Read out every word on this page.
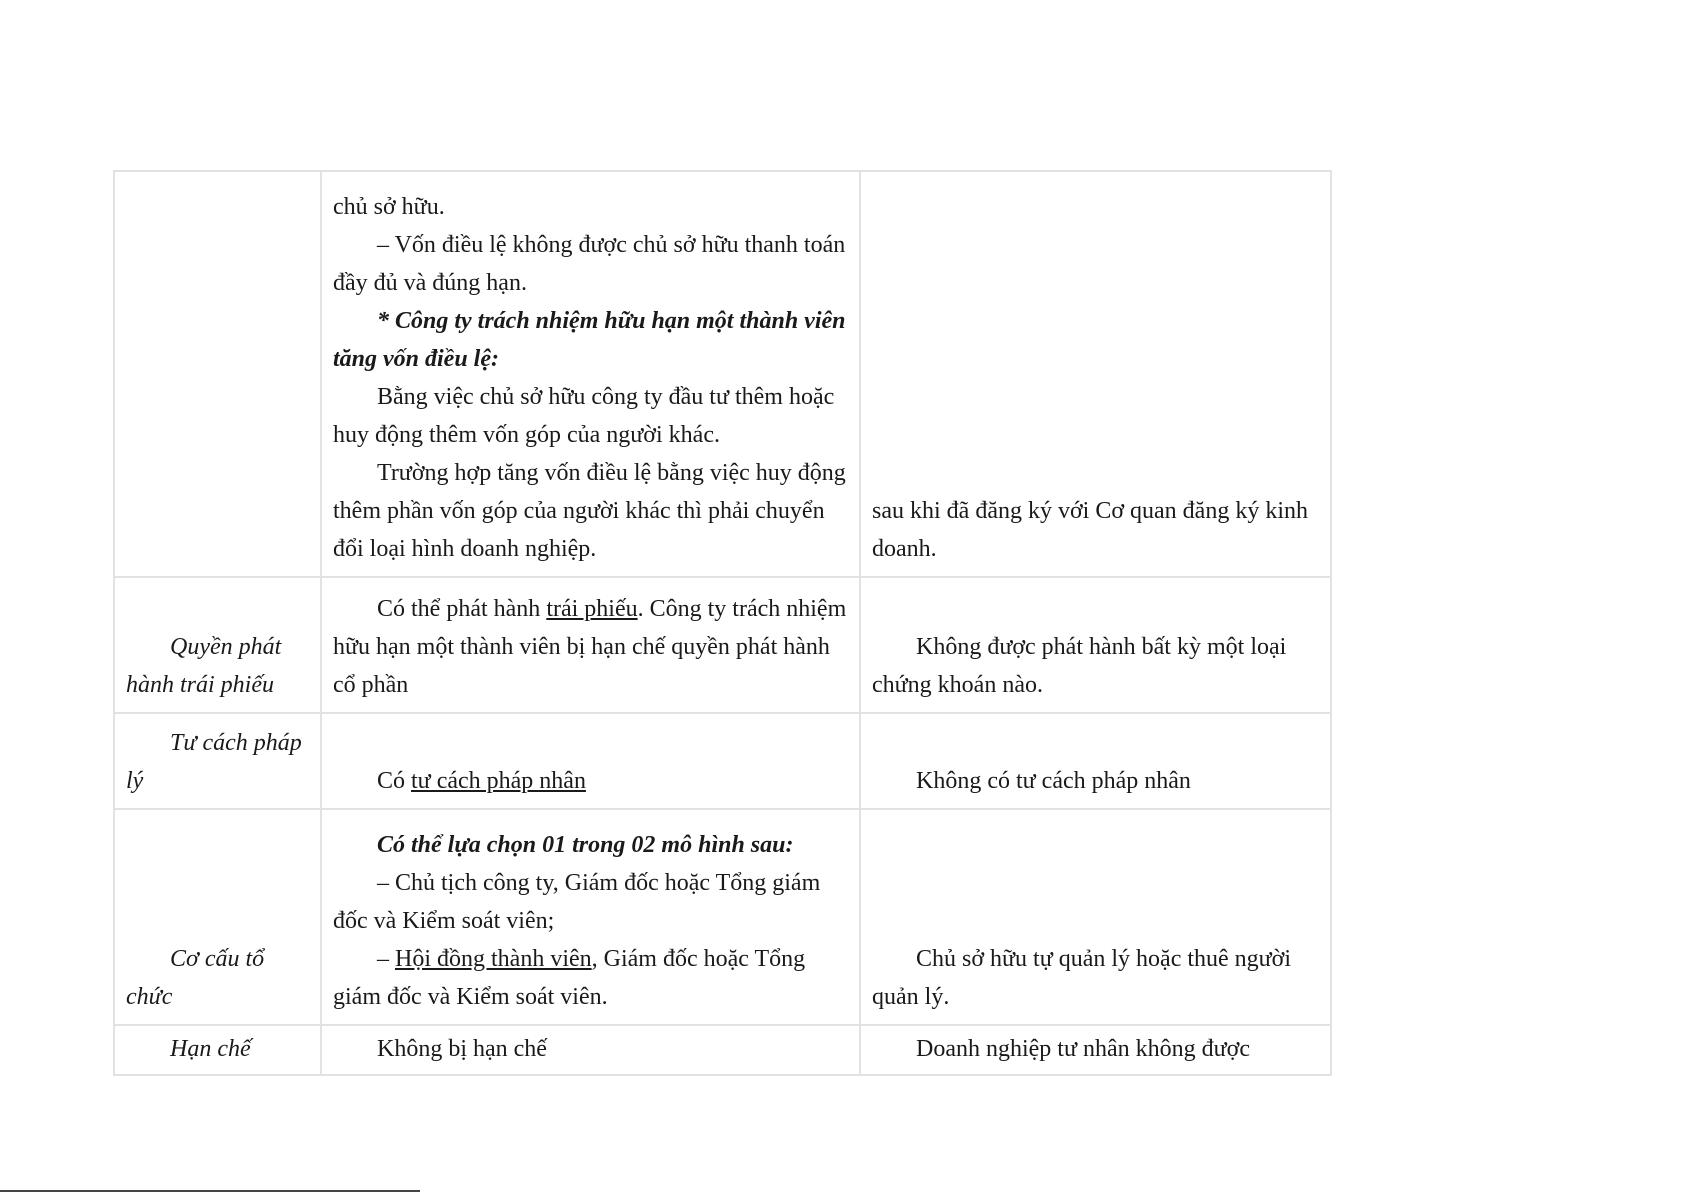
	chủ sở hữu.
– Vốn điều lệ không được chủ sở hữu thanh toán đầy đủ và đúng hạn.
* Công ty trách nhiệm hữu hạn một thành viên tăng vốn điều lệ:
Bằng việc chủ sở hữu công ty đầu tư thêm hoặc huy động thêm vốn góp của người khác.
Trường hợp tăng vốn điều lệ bằng việc huy động thêm phần vốn góp của người khác thì phải chuyển đổi loại hình doanh nghiệp.	sau khi đã đăng ký với Cơ quan đăng ký kinh doanh.

Quyền phát hành trái phiếu	Có thể phát hành trái phiếu. Công ty trách nhiệm hữu hạn một thành viên bị hạn chế quyền phát hành cổ phần	Không được phát hành bất kỳ một loại chứng khoán nào.

Tư cách pháp lý	Có tư cách pháp nhân	Không có tư cách pháp nhân

Cơ cấu tổ chức	Có thể lựa chọn 01 trong 02 mô hình sau:
– Chủ tịch công ty, Giám đốc hoặc Tổng giám đốc và Kiểm soát viên;
– Hội đồng thành viên, Giám đốc hoặc Tổng giám đốc và Kiểm soát viên.	Chủ sở hữu tự quản lý hoặc thuê người quản lý.

Hạn chế	Không bị hạn chế	Doanh nghiệp tư nhân không được
